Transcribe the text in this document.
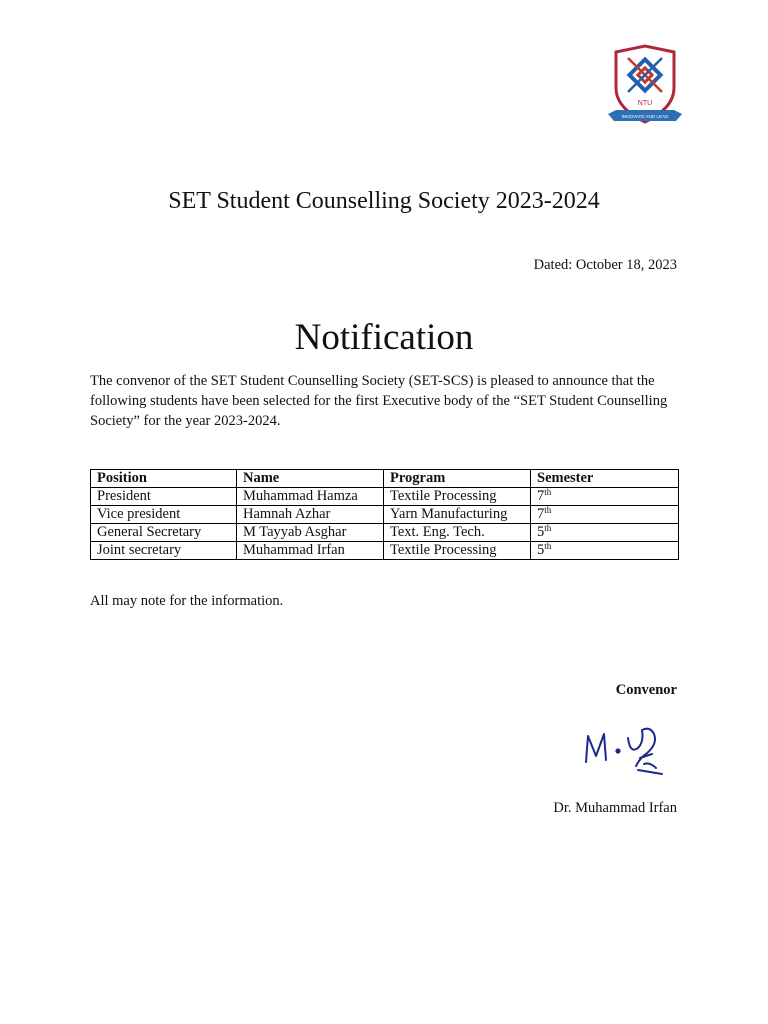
NTU
INNOVATE AND LEAD
SET Student Counselling Society 2023-2024
Dated: October 18, 2023
Notification

The convenor of the SET Student Counselling Society (SET-SCS) is pleased to announce that the following students have been selected for the first Executive body of the “SET Student Counselling Society” for the year 2023-2024.

Position	Name	Program	Semester
President	Muhammad Hamza	Textile Processing	7th
Vice president	Hamnah Azhar	Yarn Manufacturing	7th
General Secretary	M Tayyab Asghar	Text. Eng. Tech.	5th
Joint secretary	Muhammad Irfan	Textile Processing	5th
All may note for the information.
Convenor
Dr. Muhammad Irfan
